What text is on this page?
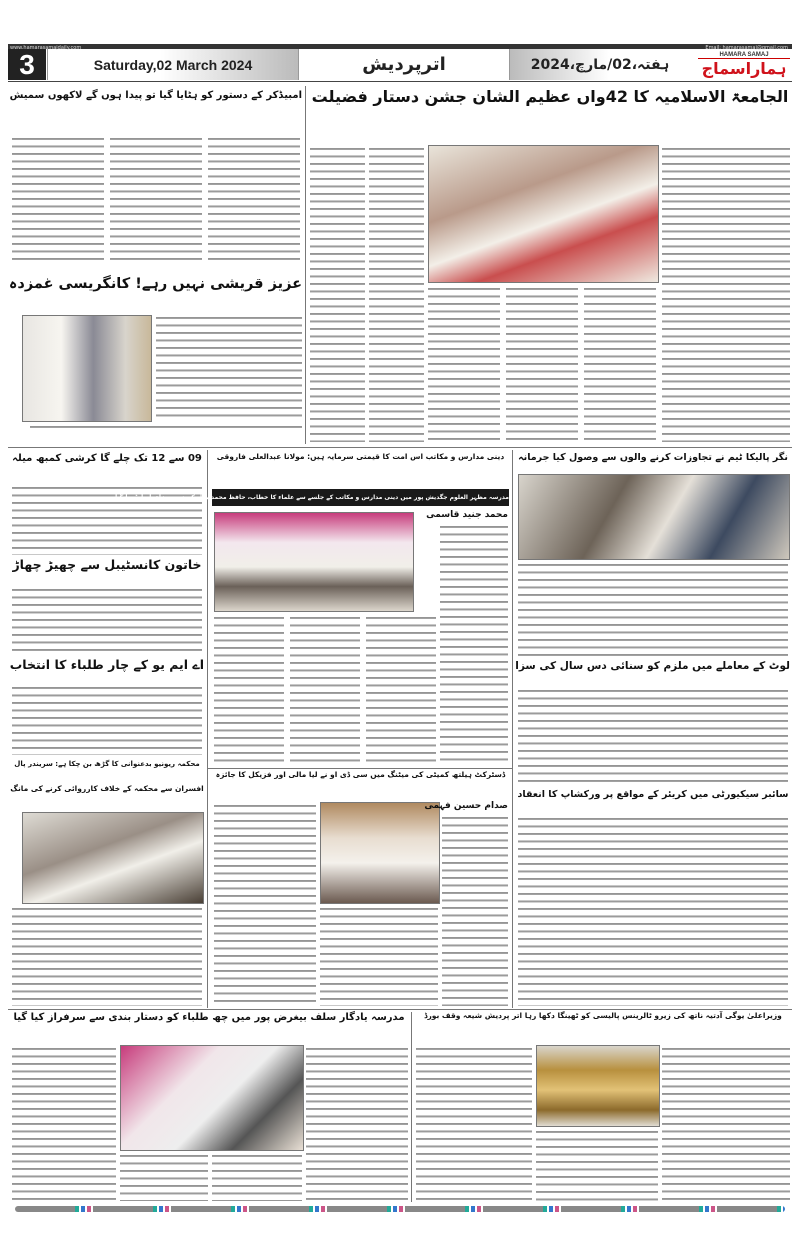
www.hamarasamajdaily.com	Email: hamarasamaj@gmail.com
3	Saturday,02 March 2024	اترپردیش	ہفتہ،02/مارچ،2024
HAMARA SAMAJ
ہماراسماج
امبیڈکر کے دستور کو ہٹایا گیا تو پیدا ہوں گے لاکھوں سمیش
عزیز قریشی نہیں رہے! کانگریسی غمزدہ
الجامعۃ الاسلامیہ کا 42واں عظیم الشان جشن دستار فضیلت
09 سے 12 تک چلے گا کرشی کمبھ میلہ
خاتون کانسٹیبل سے چھیڑ چھاڑ
اے ایم یو کے چار طلباء کا انتخاب
محکمہ ریونیو بدعنوانی کا گڑھ بن چکا ہے: سریندر پال
افسران سے محکمہ کے خلاف کارروائی کرنے کی مانگ
دینی مدارس و مکاتب اس امت کا قیمتی سرمایہ ہیں: مولانا عبدالعلی فاروقی
مدرسہ مظہر العلوم جگدیش پور میں دینی مدارس و مکاتب کے جلسے سے علماء کا خطاب، حافظ محمد بلال کو خدمت خلق ایوارڈ دیا گیا
محمد جنید قاسمی
نگر پالیکا ٹیم نے تجاوزات کرنے والوں سے وصول کیا جرمانہ
لوٹ کے معاملے میں ملزم کو سنائی دس سال کی سزا
سائبر سیکیورٹی میں کریئر کے مواقع پر ورکشاپ کا انعقاد
ڈسٹرکٹ ہیلتھ کمیٹی کی میٹنگ میں سی ڈی او نے لیا مالی اور فزیکل کا جائزہ
صدام حسین فہمی
مدرسہ یادگار سلف بیغرض پور میں چھ طلباء کو دستار بندی سے سرفراز کیا گیا	وزیراعلیٰ یوگی آدتیہ ناتھ کی زیرو ٹالرینس پالیسی کو ٹھینگا دکھا رہا اتر پردیش شیعہ وقف بورڈ
